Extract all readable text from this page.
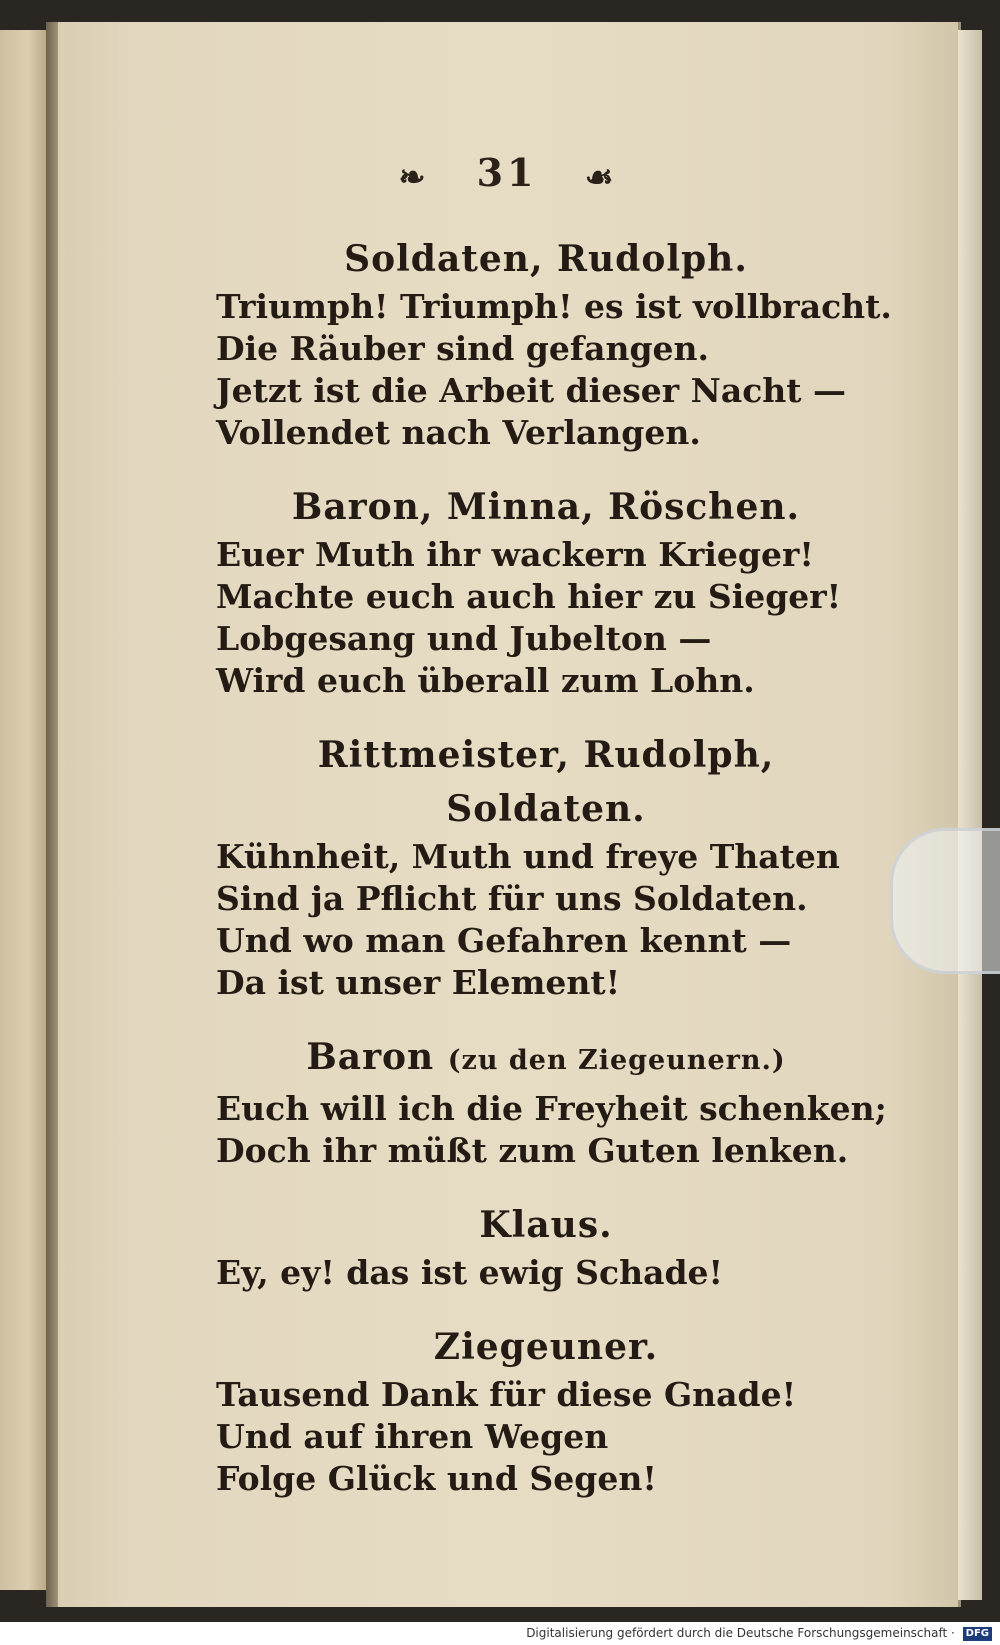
❧ 31 ☙

Soldaten, Rudolph.

Triumph! Triumph! es ist vollbracht.

Die Räuber sind gefangen.

Jetzt ist die Arbeit dieser Nacht —

Vollendet nach Verlangen.

Baron, Minna, Röschen.

Euer Muth ihr wackern Krieger!

Machte euch auch hier zu Sieger!

Lobgesang und Jubelton —

Wird euch überall zum Lohn.

Rittmeister, Rudolph, Soldaten.

Kühnheit, Muth und freye Thaten

Sind ja Pflicht für uns Soldaten.

Und wo man Gefahren kennt —

Da ist unser Element!

Baron (zu den Ziegeunern.)

Euch will ich die Freyheit schenken;

Doch ihr müßt zum Guten lenken.

Klaus.

Ey, ey! das ist ewig Schade!

Ziegeuner.

Tausend Dank für diese Gnade!

Und auf ihren Wegen

Folge Glück und Segen!

Digitalisierung gefördert durch die Deutsche Forschungsgemeinschaft · DFG
